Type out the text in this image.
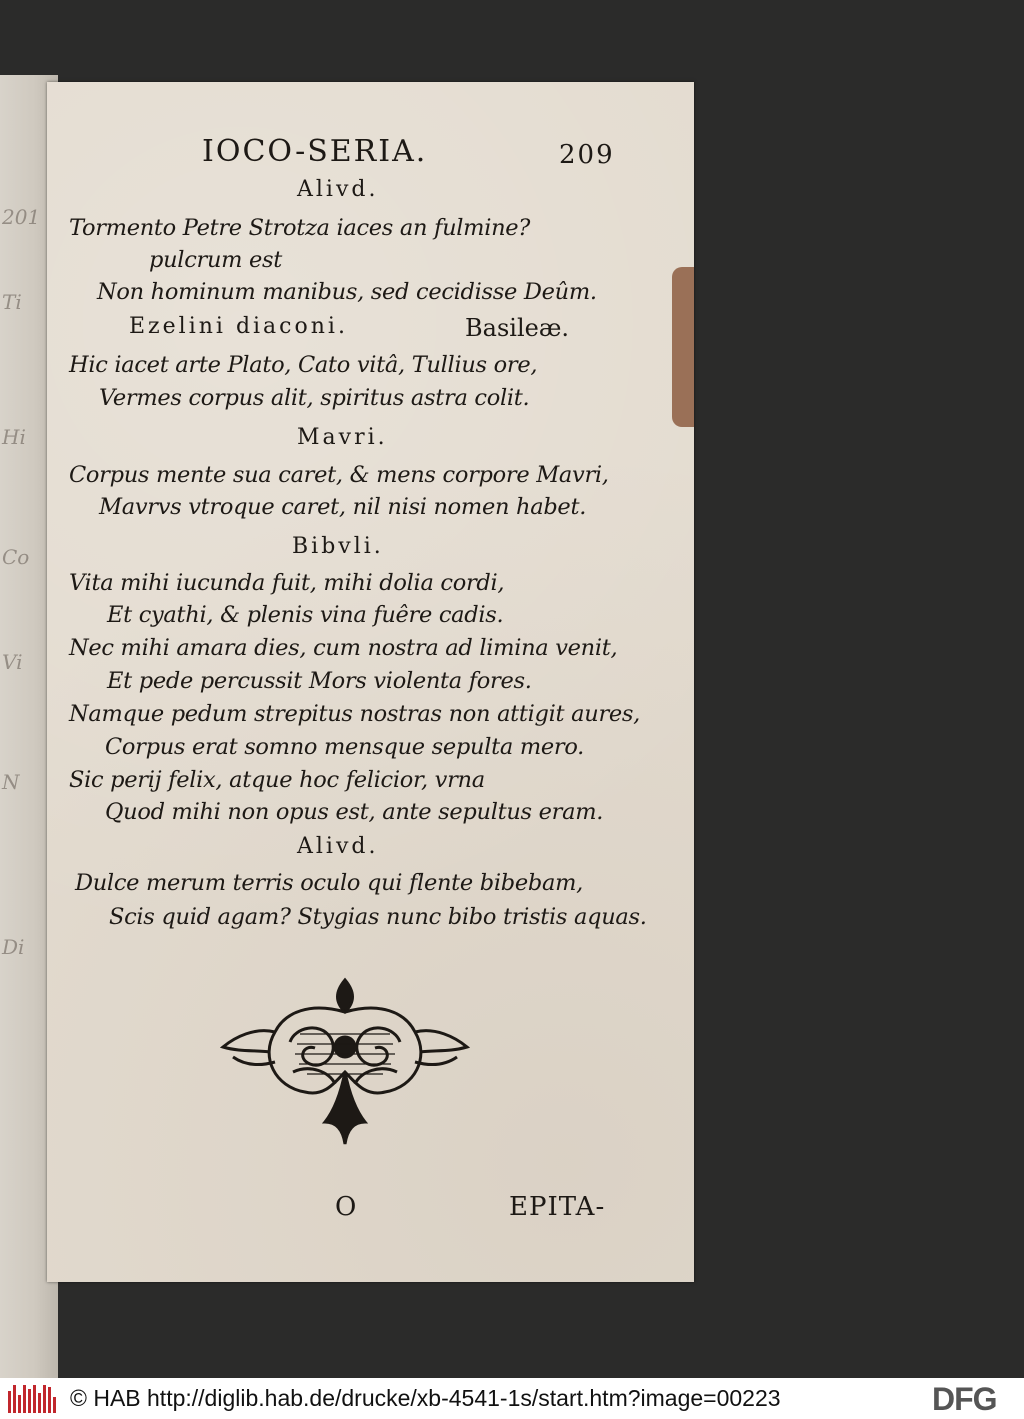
201
Ti
Hi
Co
Vi
N
Di
IOCO-SERIA.	209
Alivd.
Tormento Petre Strotza iaces an fulmine?
pulcrum est
Non hominum manibus, sed cecidisse Deûm.
Ezelini diaconi.	Basileæ.
Hic iacet arte Plato, Cato vitâ, Tullius ore,
Vermes corpus alit, spiritus astra colit.
Mavri.
Corpus mente sua caret, & mens corpore Mavri,
Mavrvs vtroque caret, nil nisi nomen habet.
Bibvli.
Vita mihi iucunda fuit, mihi dolia cordi,
Et cyathi, & plenis vina fuêre cadis.
Nec mihi amara dies, cum nostra ad limina venit,
Et pede percussit Mors violenta fores.
Namque pedum strepitus nostras non attigit aures,
Corpus erat somno mensque sepulta mero.
Sic perij felix, atque hoc felicior, vrna
Quod mihi non opus est, ante sepultus eram.
Alivd.
Dulce merum terris oculo qui flente bibebam,
Scis quid agam? Stygias nunc bibo tristis aquas.
O	EPITA-
© HAB http://diglib.hab.de/drucke/xb-4541-1s/start.htm?image=00223	DFG
